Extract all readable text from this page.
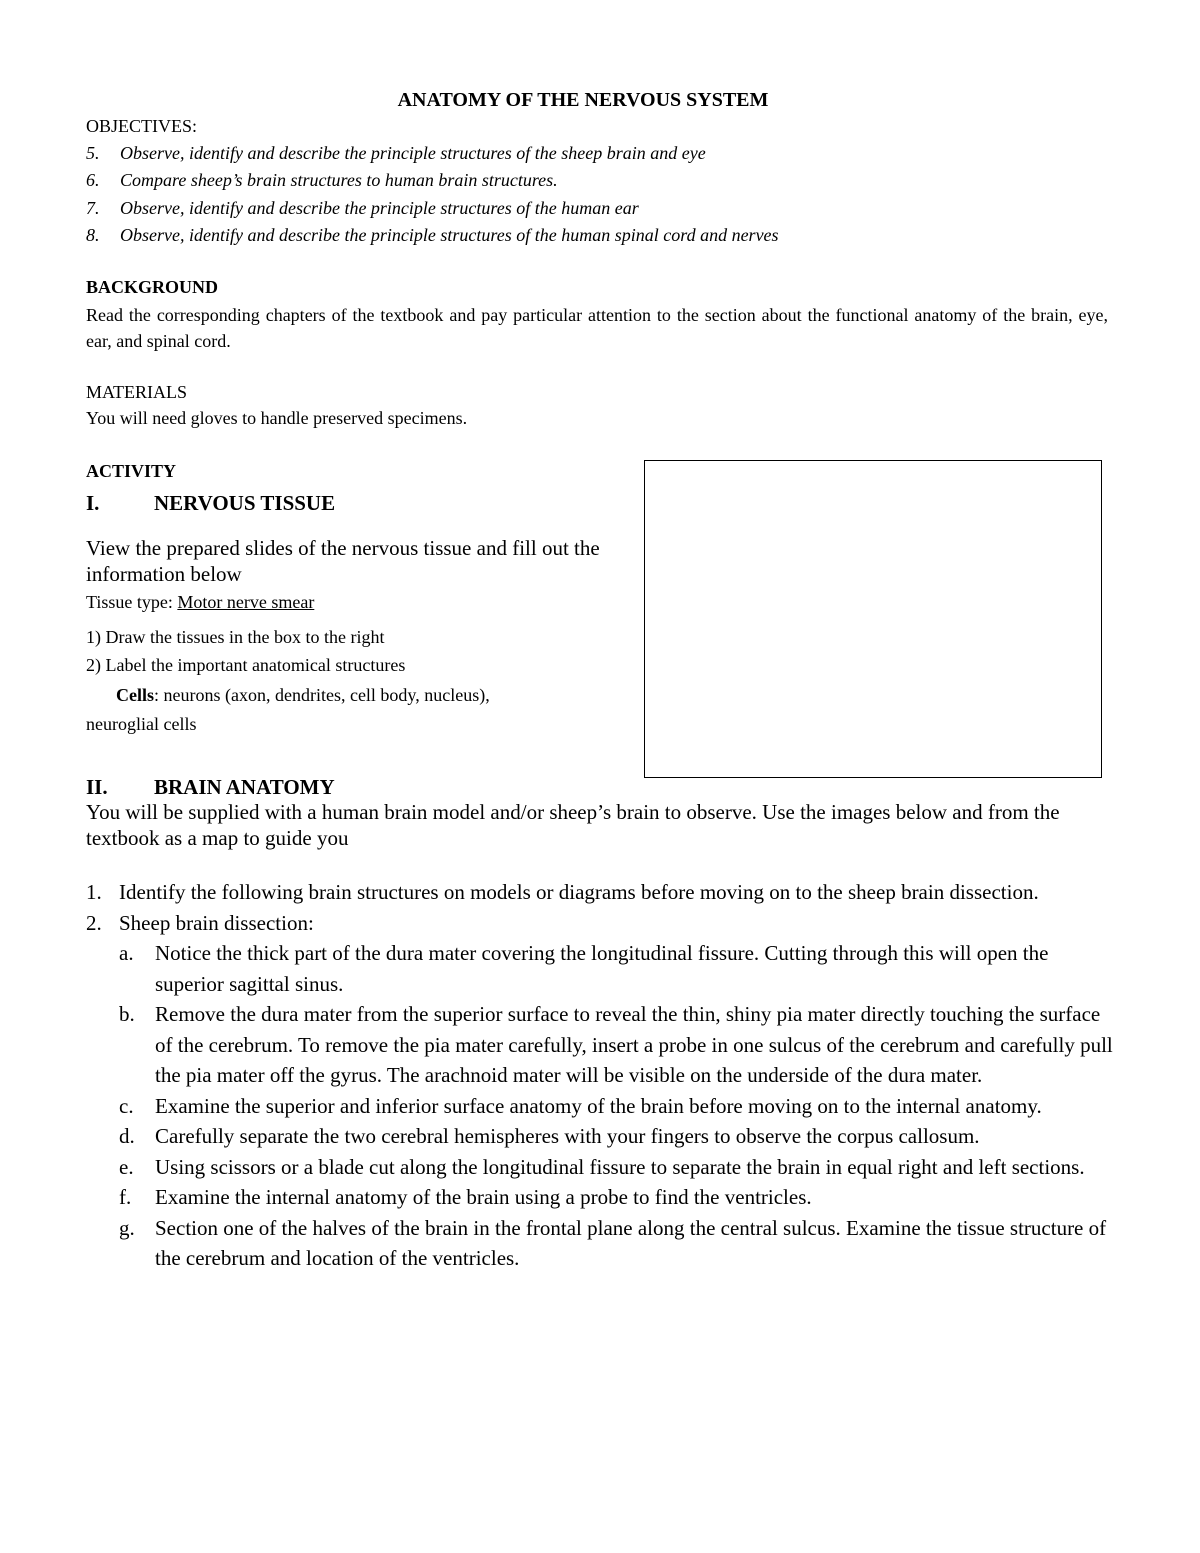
ANATOMY OF THE NERVOUS SYSTEM
OBJECTIVES:
5.	Observe, identify and describe the principle structures of the sheep brain and eye
6.	Compare sheep’s brain structures to human brain structures.
7.	Observe, identify and describe the principle structures of the human ear
8.	Observe, identify and describe the principle structures of the human spinal cord and nerves
BACKGROUND
Read the corresponding chapters of the textbook and pay particular attention to the section about the functional anatomy of the brain, eye, ear, and spinal cord.
MATERIALS
You will need gloves to handle preserved specimens.
ACTIVITY
I.	NERVOUS TISSUE
View the prepared slides of the nervous tissue and fill out the information below
Tissue type: Motor nerve smear
1) Draw the tissues in the box to the right
2) Label the important anatomical structures
Cells: neurons (axon, dendrites, cell body, nucleus),
neuroglial cells
II.	BRAIN ANATOMY
You will be supplied with a human brain model and/or sheep’s brain to observe. Use the images below and from the textbook as a map to guide you
1. Identify the following brain structures on models or diagrams before moving on to the sheep brain dissection.
2. Sheep brain dissection:
a.	Notice the thick part of the dura mater covering the longitudinal fissure. Cutting through this will open the superior sagittal sinus.
b. Remove the dura mater from the superior surface to reveal the thin, shiny pia mater directly touching the surface of the cerebrum. To remove the pia mater carefully, insert a probe in one sulcus of the cerebrum and carefully pull the pia mater off the gyrus. The arachnoid mater will be visible on the underside of the dura mater.
c.	Examine the superior and inferior surface anatomy of the brain before moving on to the internal anatomy.
d. Carefully separate the two cerebral hemispheres with your fingers to observe the corpus callosum.
e.	Using scissors or a blade cut along the longitudinal fissure to separate the brain in equal right and left sections.
f.	Examine the internal anatomy of the brain using a probe to find the ventricles.
g. Section one of the halves of the brain in the frontal plane along the central sulcus. Examine the tissue structure of the cerebrum and location of the ventricles.
